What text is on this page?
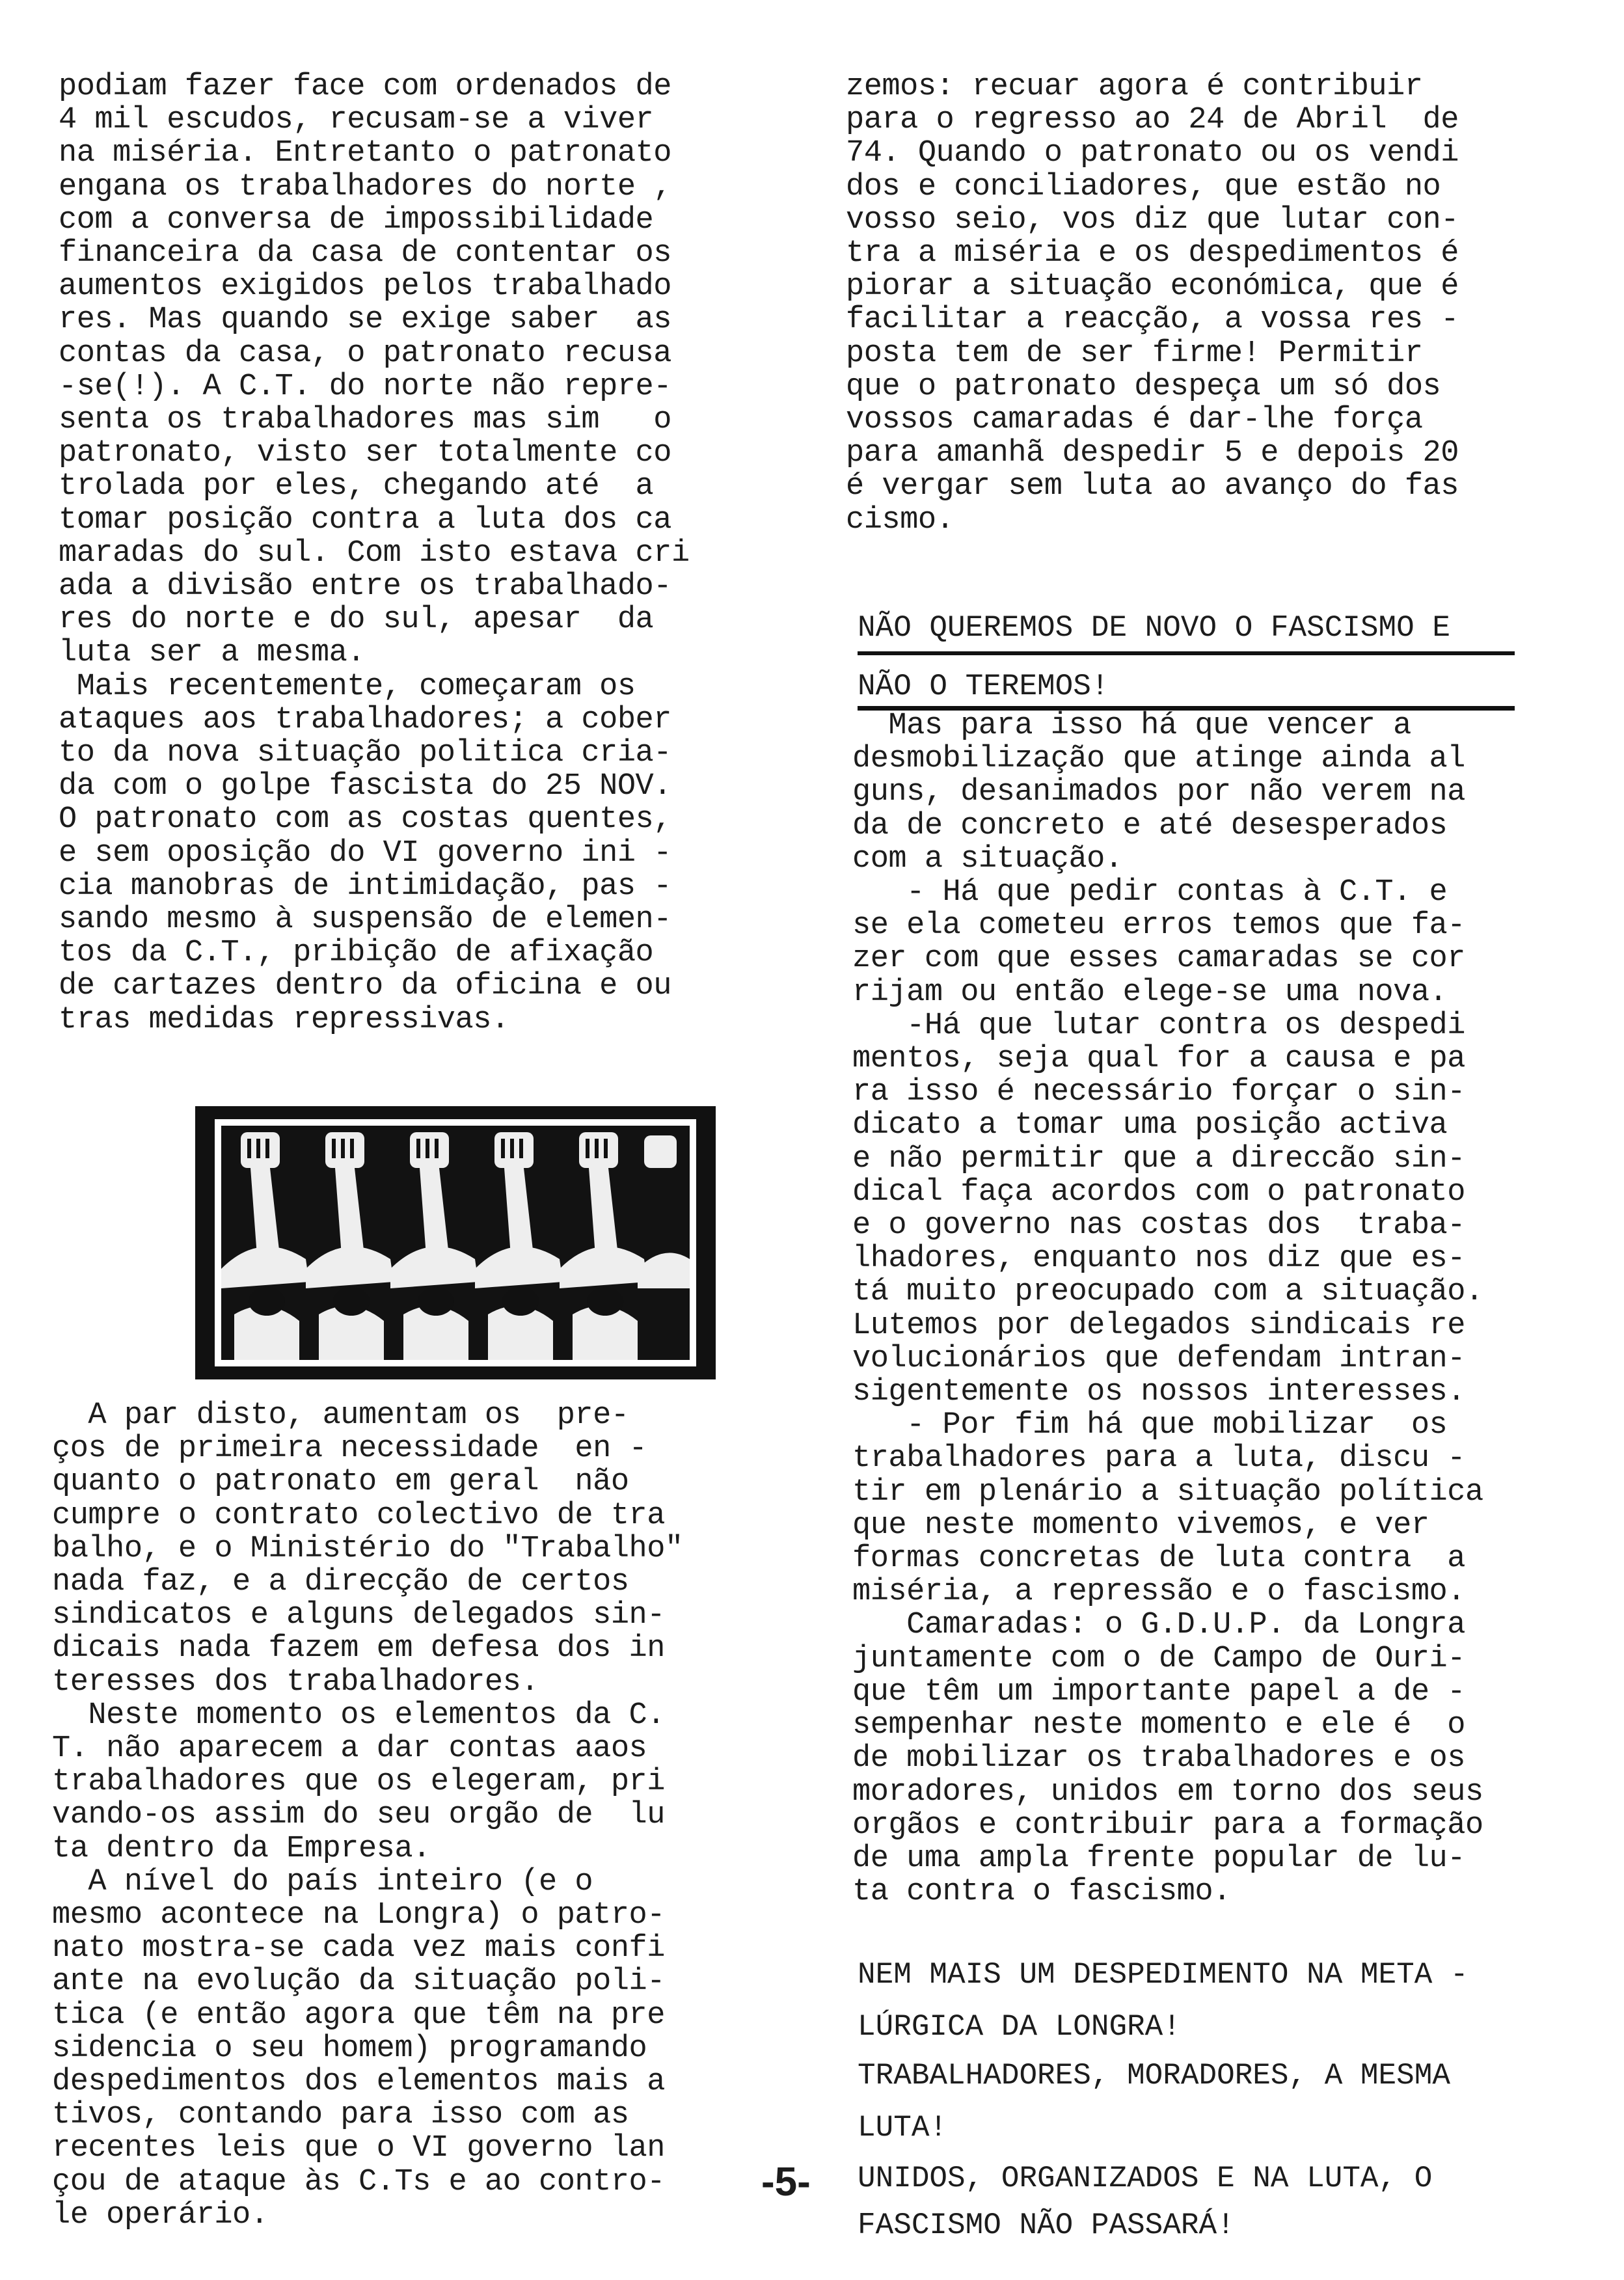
podiam fazer face com ordenados de
4 mil escudos, recusam-se a viver
na miséria. Entretanto o patronato
engana os trabalhadores do norte ,
com a conversa de impossibilidade
financeira da casa de contentar os
aumentos exigidos pelos trabalhado
res. Mas quando se exige saber  as
contas da casa, o patronato recusa
-se(!). A C.T. do norte não repre-
senta os trabalhadores mas sim   o
patronato, visto ser totalmente co
trolada por eles, chegando até  a
tomar posição contra a luta dos ca
maradas do sul. Com isto estava cri
ada a divisão entre os trabalhado-
res do norte e do sul, apesar  da
luta ser a mesma.
Mais recentemente, começaram os
ataques aos trabalhadores; a cober
to da nova situação politica cria-
da com o golpe fascista do 25 NOV.
O patronato com as costas quentes,
e sem oposição do VI governo ini -
cia manobras de intimidação, pas -
sando mesmo à suspensão de elemen-
tos da C.T., pribição de afixação
de cartazes dentro da oficina e ou
tras medidas repressivas.
A par disto, aumentam os  pre-
ços de primeira necessidade  en -
quanto o patronato em geral  não
cumpre o contrato colectivo de tra
balho, e o Ministério do "Trabalho"
nada faz, e a direcção de certos
sindicatos e alguns delegados sin-
dicais nada fazem em defesa dos in
teresses dos trabalhadores.
Neste momento os elementos da C.
T. não aparecem a dar contas aaos
trabalhadores que os elegeram, pri
vando-os assim do seu orgão de  lu
ta dentro da Empresa.
A nível do país inteiro (e o
mesmo acontece na Longra) o patro-
nato mostra-se cada vez mais confi
ante na evolução da situação poli-
tica (e então agora que têm na pre
sidencia o seu homem) programando
despedimentos dos elementos mais a
tivos, contando para isso com as
recentes leis que o VI governo lan
çou de ataque às C.Ts e ao contro-
le operário.
zemos: recuar agora é contribuir
para o regresso ao 24 de Abril  de
74. Quando o patronato ou os vendi
dos e conciliadores, que estão no
vosso seio, vos diz que lutar con-
tra a miséria e os despedimentos é
piorar a situação económica, que é
facilitar a reacção, a vossa res -
posta tem de ser firme! Permitir
que o patronato despeça um só dos
vossos camaradas é dar-lhe força
para amanhã despedir 5 e depois 20
é vergar sem luta ao avanço do fas
cismo.
NÃO QUEREMOS DE NOVO O FASCISMO E
NÃO O TEREMOS!
Mas para isso há que vencer a
desmobilização que atinge ainda al
guns, desanimados por não verem na
da de concreto e até desesperados
com a situação.
- Há que pedir contas à C.T. e
se ela cometeu erros temos que fa-
zer com que esses camaradas se cor
rijam ou então elege-se uma nova.
-Há que lutar contra os despedi
mentos, seja qual for a causa e pa
ra isso é necessário forçar o sin-
dicato a tomar uma posição activa
e não permitir que a direccão sin-
dical faça acordos com o patronato
e o governo nas costas dos  traba-
lhadores, enquanto nos diz que es-
tá muito preocupado com a situação.
Lutemos por delegados sindicais re
volucionários que defendam intran-
sigentemente os nossos interesses.
- Por fim há que mobilizar  os
trabalhadores para a luta, discu -
tir em plenário a situação política
que neste momento vivemos, e ver
formas concretas de luta contra  a
miséria, a repressão e o fascismo.
Camaradas: o G.D.U.P. da Longra
juntamente com o de Campo de Ouri-
que têm um importante papel a de -
sempenhar neste momento e ele é  o
de mobilizar os trabalhadores e os
moradores, unidos em torno dos seus
orgãos e contribuir para a formação
de uma ampla frente popular de lu-
ta contra o fascismo.
NEM MAIS UM DESPEDIMENTO NA META -
LÚRGICA DA LONGRA!
TRABALHADORES, MORADORES, A MESMA
LUTA!
UNIDOS, ORGANIZADOS E NA LUTA, O
-5-
FASCISMO NÃO PASSARÁ!
